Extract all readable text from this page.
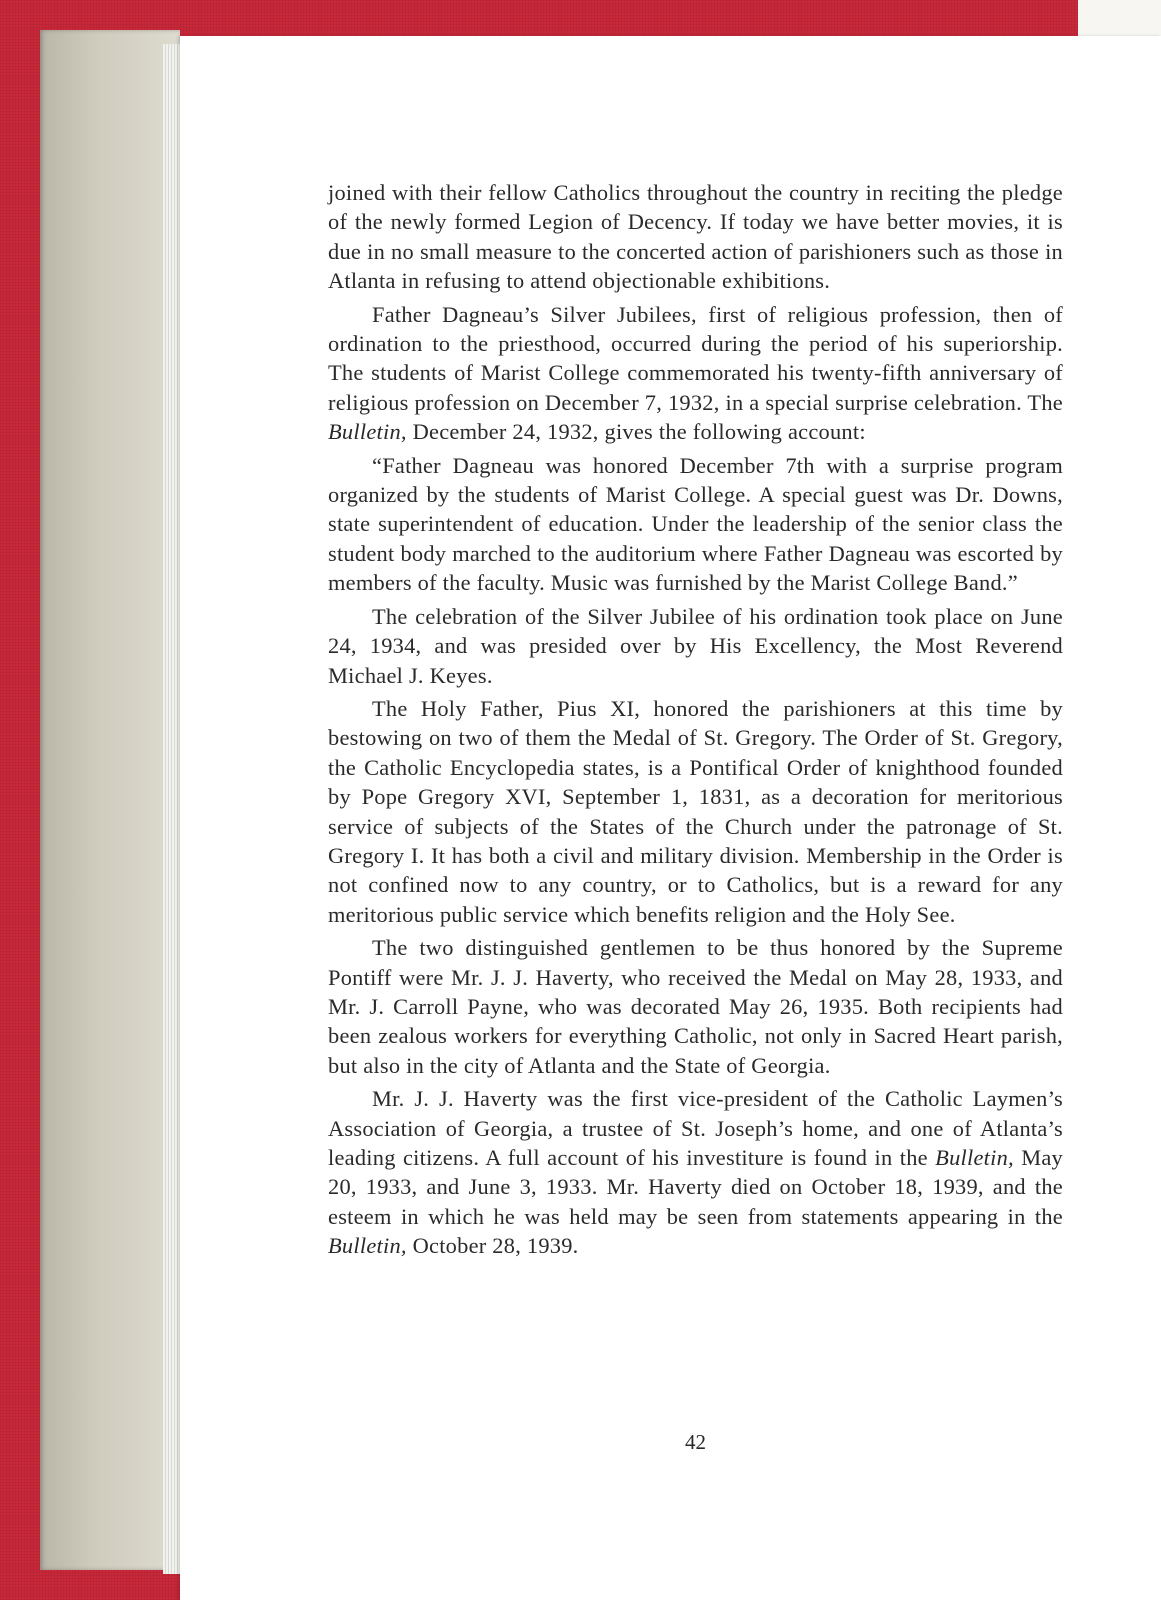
joined with their fellow Catholics throughout the country in reciting the pledge of the newly formed Legion of Decency. If today we have better movies, it is due in no small measure to the concerted action of parishioners such as those in Atlanta in refusing to attend objectionable exhibitions.

Father Dagneau’s Silver Jubilees, first of religious profession, then of ordination to the priesthood, occurred during the period of his superiorship. The students of Marist College commemorated his twenty-fifth anniversary of religious profession on December 7, 1932, in a special surprise celebration. The Bulletin, December 24, 1932, gives the following account:

“Father Dagneau was honored December 7th with a surprise program organized by the students of Marist College. A special guest was Dr. Downs, state superintendent of education. Under the leadership of the senior class the student body marched to the auditorium where Father Dagneau was escorted by members of the faculty. Music was furnished by the Marist College Band.”

The celebration of the Silver Jubilee of his ordination took place on June 24, 1934, and was presided over by His Excellency, the Most Reverend Michael J. Keyes.

The Holy Father, Pius XI, honored the parishioners at this time by bestowing on two of them the Medal of St. Gregory. The Order of St. Gregory, the Catholic Encyclopedia states, is a Pontifical Order of knighthood founded by Pope Gregory XVI, September 1, 1831, as a decoration for meritorious service of subjects of the States of the Church under the patronage of St. Gregory I. It has both a civil and military division. Membership in the Order is not confined now to any country, or to Catholics, but is a reward for any meritorious public service which benefits religion and the Holy See.

The two distinguished gentlemen to be thus honored by the Supreme Pontiff were Mr. J. J. Haverty, who received the Medal on May 28, 1933, and Mr. J. Carroll Payne, who was decorated May 26, 1935. Both recipients had been zealous workers for everything Catholic, not only in Sacred Heart parish, but also in the city of Atlanta and the State of Georgia.

Mr. J. J. Haverty was the first vice-president of the Catholic Laymen’s Association of Georgia, a trustee of St. Joseph’s home, and one of Atlanta’s leading citizens. A full account of his investiture is found in the Bulletin, May 20, 1933, and June 3, 1933. Mr. Haverty died on October 18, 1939, and the esteem in which he was held may be seen from statements appearing in the Bulletin, October 28, 1939.

42
